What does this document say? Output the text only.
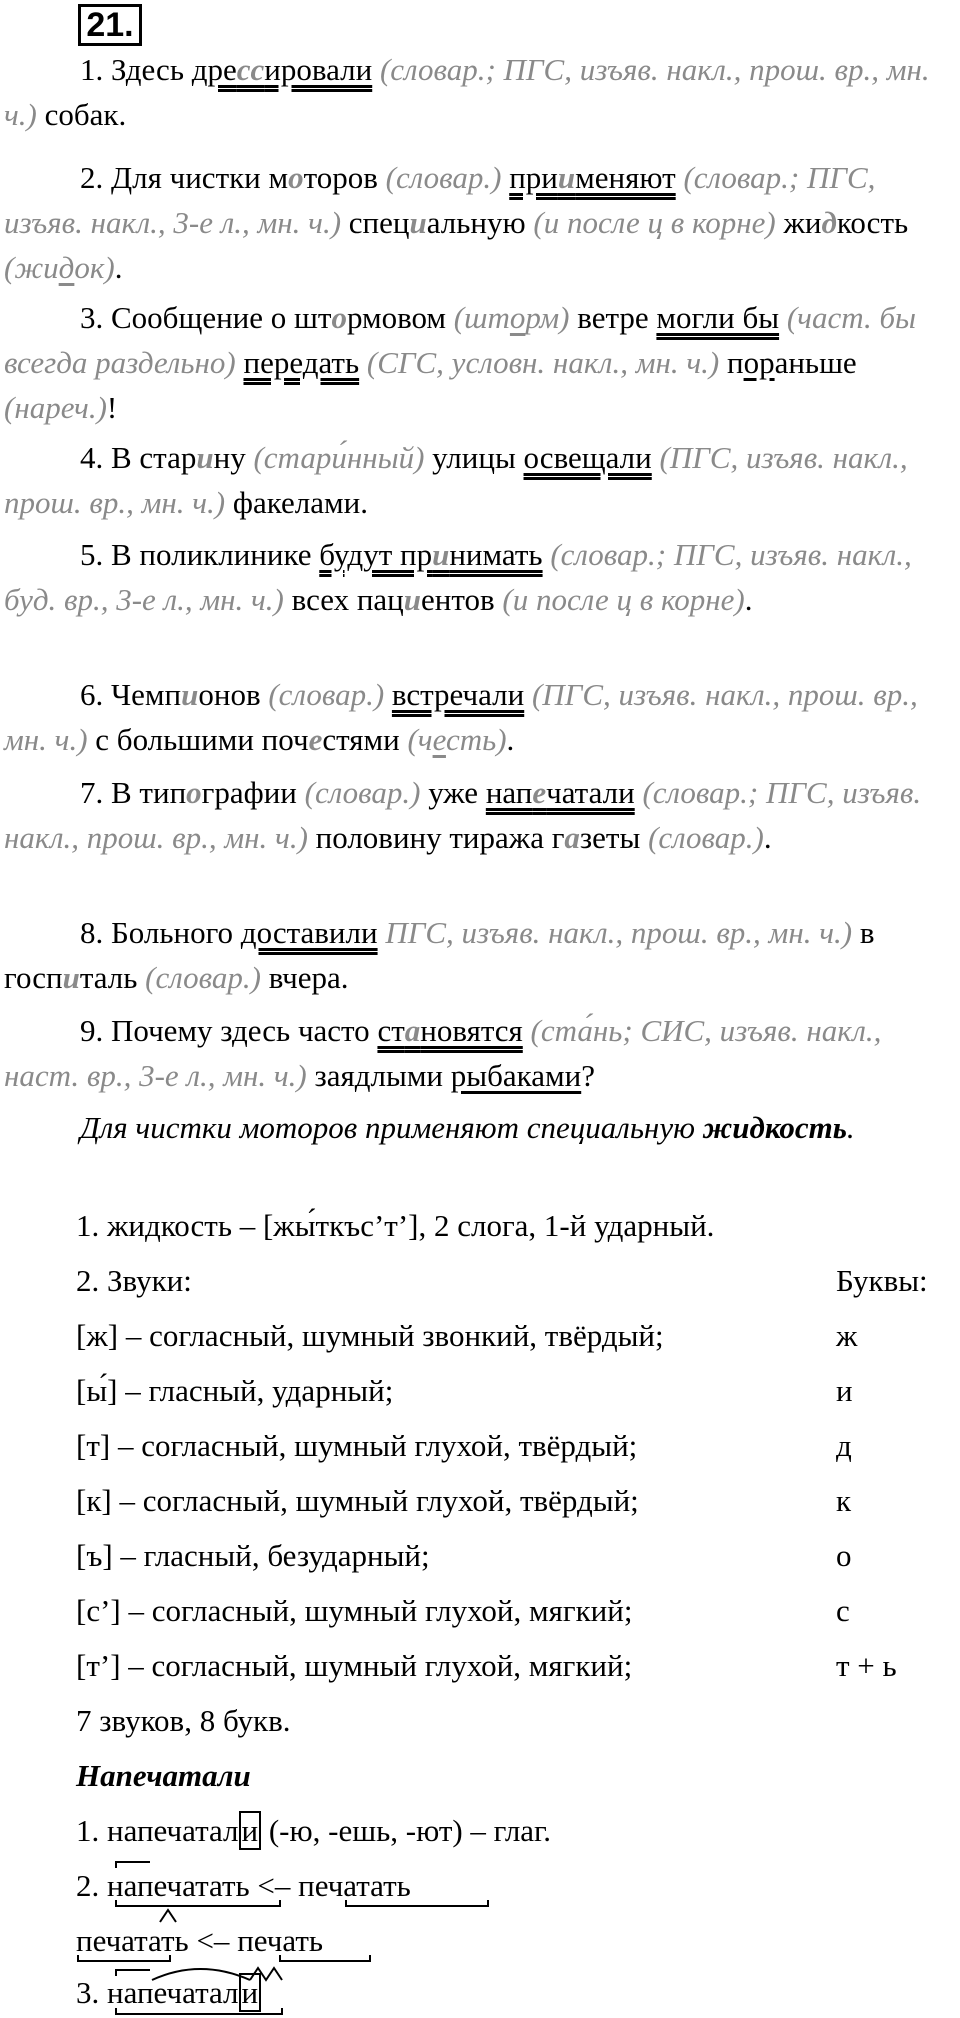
21.
1. Здесь дрессировали (словар.; ПГС, изъяв. накл., прош. вр., мн. ч.) собак.
2. Для чистки моторов (словар.) приименяют (словар.; ПГС, изъяв. накл., 3-е л., мн. ч.) специальную (и после ц в корне) жидкость (жидок).
3. Сообщение о штормовом (шторм) ветре могли бы (част. бы всегда раздельно) передать (СГС, условн. накл., мн. ч.) пораньше (нареч.)!
4. В старину (стари́нный) улицы освещали (ПГС, изъяв. накл., прош. вр., мн. ч.) факелами.
5. В поликлинике будут принимать (словар.; ПГС, изъяв. накл., буд. вр., 3-е л., мн. ч.) всех пациентов (и после ц в корне).
6. Чемпионов (словар.) встречали (ПГС, изъяв. накл., прош. вр., мн. ч.) с большими почестями (честь).
7. В типографии (словар.) уже напечатали (словар.; ПГС, изъяв. накл., прош. вр., мн. ч.) половину тиража газеты (словар.).
8. Больного доставили ПГС, изъяв. накл., прош. вр., мн. ч.) в госпиталь (словар.) вчера.
9. Почему здесь часто становятся (ста́нь; СИС, изъяв. накл., наст. вр., 3-е л., мн. ч.) заядлыми рыбаками?
Для чистки моторов применяют специальную жидкость.
1. жидкость – [жы́ткъс’т’], 2 слога, 1-й ударный.
2. Звуки:	Буквы:
[ж] – согласный, шумный звонкий, твёрдый;	ж
[ы́] – гласный, ударный;	и
[т] – согласный, шумный глухой, твёрдый;	д
[к] – согласный, шумный глухой, твёрдый;	к
[ъ] – гласный, безударный;	о
[с’] – согласный, шумный глухой, мягкий;	с
[т’] – согласный, шумный глухой, мягкий;	т + ь
7 звуков, 8 букв.
Напечатали
1. напечатали (-ю, -ешь, -ют) – глаг.
2. напечатать <– печатать
печатать <– печать
3. напечатали
